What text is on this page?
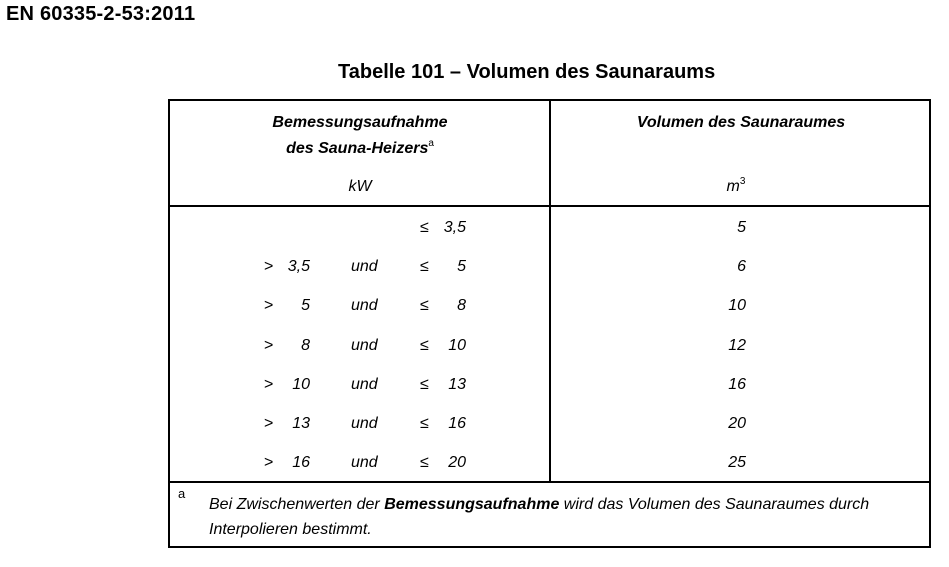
EN 60335-2-53:2011
Tabelle 101 – Volumen des Saunaraums
Bemessungsaufnahme
des Sauna-Heizers$^a$
kW
Volumen des Saunaraumes
$m^3$
≤ 3,5	5
> 3,5	und	≤ 5	6
> 5	und	≤ 8	10
> 8	und	≤ 10	12
> 10	und	≤ 13	16
> 13	und	≤ 16	20
> 16	und	≤ 20	25
a
Bei Zwischenwerten der Bemessungsaufnahme wird das Volumen des Saunaraumes durch Interpolieren bestimmt.
